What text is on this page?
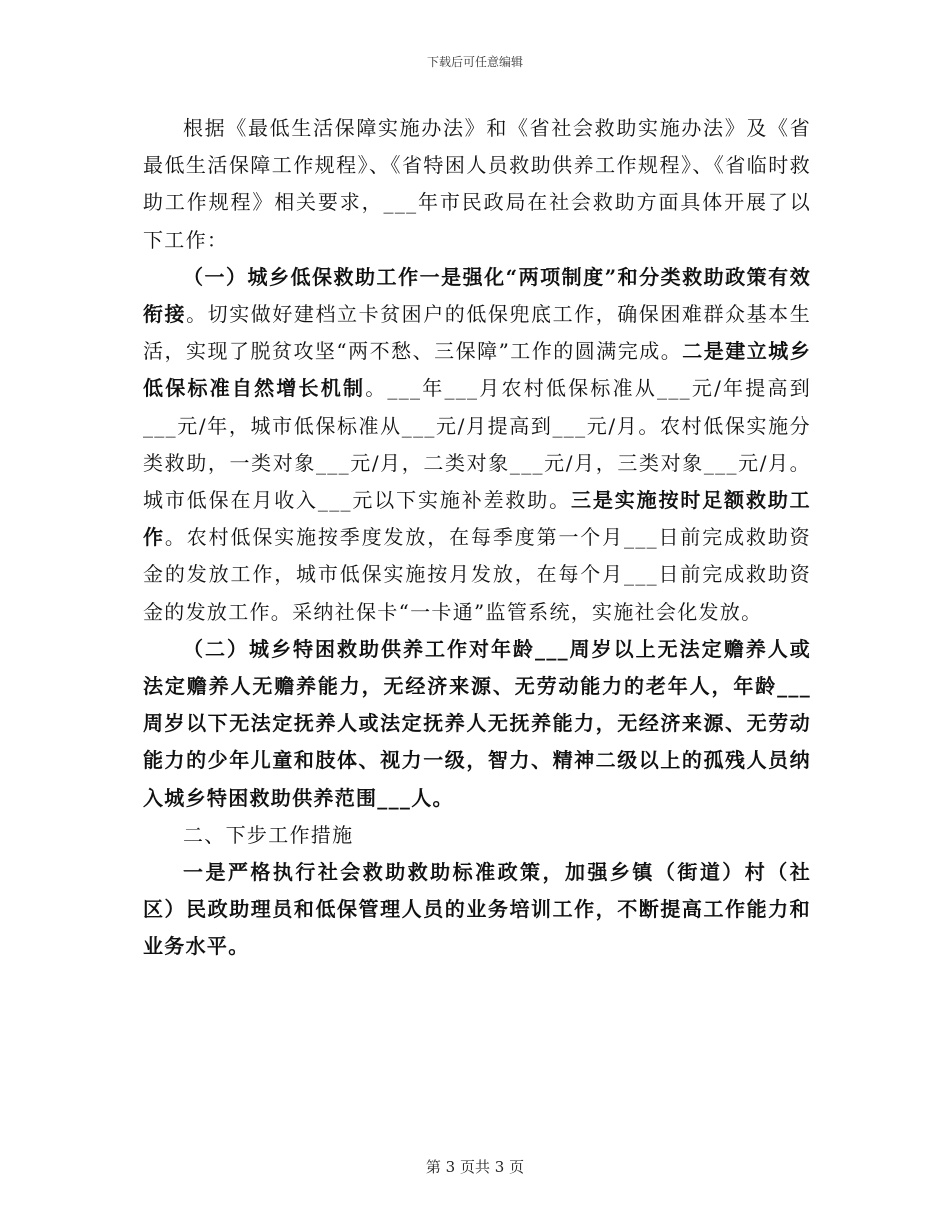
下载后可任意编辑

根据《最低生活保障实施办法》和《省社会救助实施办法》及《省最低生活保障工作规程》、《省特困人员救助供养工作规程》、《省临时救助工作规程》相关要求，___年市民政局在社会救助方面具体开展了以下工作：

（一）城乡低保救助工作一是强化“两项制度”和分类救助政策有效衔接。切实做好建档立卡贫困户的低保兜底工作，确保困难群众基本生活，实现了脱贫攻坚“两不愁、三保障”工作的圆满完成。二是建立城乡低保标准自然增长机制。___年___月农村低保标准从___元/年提高到___元/年，城市低保标准从___元/月提高到___元/月。农村低保实施分类救助，一类对象___元/月，二类对象___元/月，三类对象___元/月。城市低保在月收入___元以下实施补差救助。三是实施按时足额救助工作。农村低保实施按季度发放，在每季度第一个月___日前完成救助资金的发放工作，城市低保实施按月发放，在每个月___日前完成救助资金的发放工作。采纳社保卡“一卡通”监管系统，实施社会化发放。

（二）城乡特困救助供养工作对年龄___周岁以上无法定赡养人或法定赡养人无赡养能力，无经济来源、无劳动能力的老年人，年龄___周岁以下无法定抚养人或法定抚养人无抚养能力，无经济来源、无劳动能力的少年儿童和肢体、视力一级，智力、精神二级以上的孤残人员纳入城乡特困救助供养范围___人。

二、下步工作措施

一是严格执行社会救助救助标准政策，加强乡镇（街道）村（社区）民政助理员和低保管理人员的业务培训工作，不断提高工作能力和业务水平。

第 3 页共 3 页
